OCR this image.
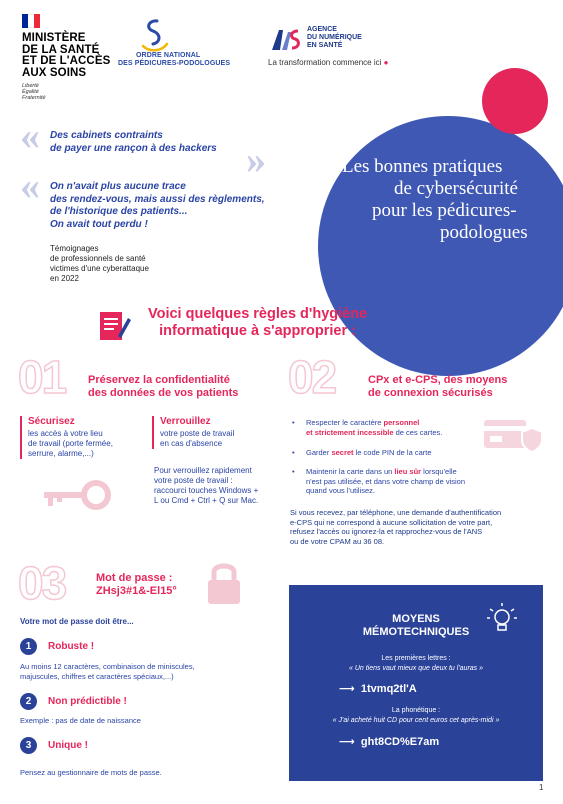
MINISTÈRE
DE LA SANTÉ
ET DE L'ACCÈS
AUX SOINS
Liberté
Égalité
Fraternité
ORDRE NATIONAL
DES PÉDICURES-PODOLOGUES
AGENCE
DU NUMÉRIQUE
EN SANTÉ
La transformation commence ici ●
Les bonnes pratiques
de cybersécurité
pour les pédicures-
podologues
« Des cabinets contraints
de payer une rançon à des hackers »
« On n'avait plus aucune trace
des rendez-vous, mais aussi des règlements,
de l'historique des patients...
On avait tout perdu !
Témoignages
de professionnels de santé
victimes d'une cyberattaque
en 2022
Voici quelques règles d'hygiène
informatique à s'approprier :
01 Préservez la confidentialité
des données de vos patients
Sécurisez
les accès à votre lieu
de travail (porte fermée,
serrure, alarme,...)
Verrouillez
votre poste de travail
en cas d'absence
Pour verrouillez rapidement
votre poste de travail :
raccourci touches Windows +
L ou Cmd + Ctrl + Q sur Mac.
02	CPx et e-CPS, des moyens
de connexion sécurisés
•	Respecter le caractère personnel
et strictement incessible de ces cartes.
•	Garder secret le code PIN de la carte
•	Maintenir la carte dans un lieu sûr lorsqu'elle
n'est pas utilisée, et dans votre champ de vision
quand vous l'utilisez.
Si vous recevez, par téléphone, une demande d'authentification
e-CPS qui ne correspond à aucune sollicitation de votre part,
refusez l'accès ou ignorez-la et rapprochez-vous de l'ANS
ou de votre CPAM au 36 08.
03	Mot de passe :
ZHsj3#1&-El15°
Votre mot de passe doit être...
1	Robuste !
Au moins 12 caractères, combinaison de miniscules,
majuscules, chiffres et caractères spéciaux,...)
2	Non prédictible !
Exemple : pas de date de naissance
3	Unique !
Pensez au gestionnaire de mots de passe.
MOYENS
MÉMOTECHNIQUES
Les premières lettres :
« Un tiens vaut mieux que deux tu l'auras »
⟶  1tvmq2tl'A
La phonétique :
« J'ai acheté huit CD pour cent euros cet après-midi »
⟶  ght8CD%E7am
1
